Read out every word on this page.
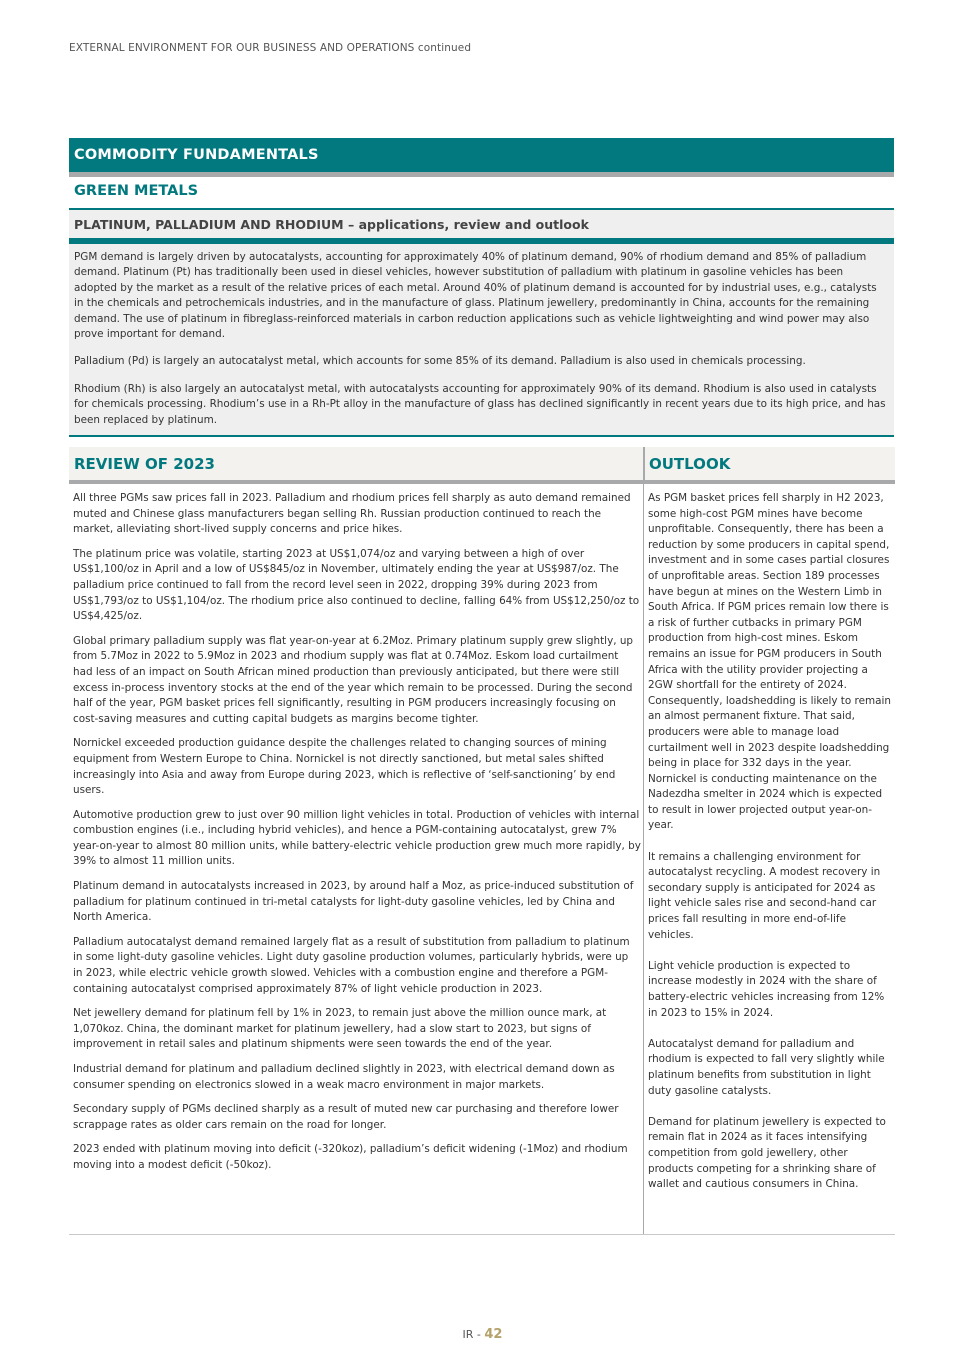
EXTERNAL ENVIRONMENT FOR OUR BUSINESS AND OPERATIONS continued
COMMODITY FUNDAMENTALS
GREEN METALS
PLATINUM, PALLADIUM AND RHODIUM – applications, review and outlook

PGM demand is largely driven by autocatalysts, accounting for approximately 40% of platinum demand, 90% of rhodium demand and 85% of palladium demand. Platinum (Pt) has traditionally been used in diesel vehicles, however substitution of palladium with platinum in gasoline vehicles has been adopted by the market as a result of the relative prices of each metal. Around 40% of platinum demand is accounted for by industrial uses, e.g., catalysts in the chemicals and petrochemicals industries, and in the manufacture of glass. Platinum jewellery, predominantly in China, accounts for the remaining demand. The use of platinum in fibreglass-reinforced materials in carbon reduction applications such as vehicle lightweighting and wind power may also prove important for demand.

Palladium (Pd) is largely an autocatalyst metal, which accounts for some 85% of its demand. Palladium is also used in chemicals processing.

Rhodium (Rh) is also largely an autocatalyst metal, with autocatalysts accounting for approximately 90% of its demand. Rhodium is also used in catalysts for chemicals processing. Rhodium’s use in a Rh-Pt alloy in the manufacture of glass has declined significantly in recent years due to its high price, and has been replaced by platinum.

REVIEW OF 2023	OUTLOOK

All three PGMs saw prices fall in 2023. Palladium and rhodium prices fell sharply as auto demand remained muted and Chinese glass manufacturers began selling Rh. Russian production continued to reach the market, alleviating short-lived supply concerns and price hikes.

The platinum price was volatile, starting 2023 at US$1,074/oz and varying between a high of over US$1,100/oz in April and a low of US$845/oz in November, ultimately ending the year at US$987/oz. The palladium price continued to fall from the record level seen in 2022, dropping 39% during 2023 from US$1,793/oz to US$1,104/oz. The rhodium price also continued to decline, falling 64% from US$12,250/oz to US$4,425/oz.

Global primary palladium supply was flat year-on-year at 6.2Moz. Primary platinum supply grew slightly, up from 5.7Moz in 2022 to 5.9Moz in 2023 and rhodium supply was flat at 0.74Moz. Eskom load curtailment had less of an impact on South African mined production than previously anticipated, but there were still excess in-process inventory stocks at the end of the year which remain to be processed. During the second half of the year, PGM basket prices fell significantly, resulting in PGM producers increasingly focusing on cost-saving measures and cutting capital budgets as margins become tighter.

Nornickel exceeded production guidance despite the challenges related to changing sources of mining equipment from Western Europe to China. Nornickel is not directly sanctioned, but metal sales shifted increasingly into Asia and away from Europe during 2023, which is reflective of ‘self-sanctioning’ by end users.

Automotive production grew to just over 90 million light vehicles in total. Production of vehicles with internal combustion engines (i.e., including hybrid vehicles), and hence a PGM-containing autocatalyst, grew 7% year-on-year to almost 80 million units, while battery-electric vehicle production grew much more rapidly, by 39% to almost 11 million units.

Platinum demand in autocatalysts increased in 2023, by around half a Moz, as price-induced substitution of palladium for platinum continued in tri-metal catalysts for light-duty gasoline vehicles, led by China and North America.

Palladium autocatalyst demand remained largely flat as a result of substitution from palladium to platinum in some light-duty gasoline vehicles. Light duty gasoline production volumes, particularly hybrids, were up in 2023, while electric vehicle growth slowed. Vehicles with a combustion engine and therefore a PGM-containing autocatalyst comprised approximately 87% of light vehicle production in 2023.

Net jewellery demand for platinum fell by 1% in 2023, to remain just above the million ounce mark, at 1,070koz. China, the dominant market for platinum jewellery, had a slow start to 2023, but signs of improvement in retail sales and platinum shipments were seen towards the end of the year.

Industrial demand for platinum and palladium declined slightly in 2023, with electrical demand down as consumer spending on electronics slowed in a weak macro environment in major markets.

Secondary supply of PGMs declined sharply as a result of muted new car purchasing and therefore lower scrappage rates as older cars remain on the road for longer.

2023 ended with platinum moving into deficit (-320koz), palladium’s deficit widening (-1Moz) and rhodium moving into a modest deficit (-50koz).

As PGM basket prices fell sharply in H2 2023, some high-cost PGM mines have become unprofitable. Consequently, there has been a reduction by some producers in capital spend, investment and in some cases partial closures of unprofitable areas. Section 189 processes have begun at mines on the Western Limb in South Africa. If PGM prices remain low there is a risk of further cutbacks in primary PGM production from high-cost mines. Eskom remains an issue for PGM producers in South Africa with the utility provider projecting a 2GW shortfall for the entirety of 2024. Consequently, loadshedding is likely to remain an almost permanent fixture. That said, producers were able to manage load curtailment well in 2023 despite loadshedding being in place for 332 days in the year. Nornickel is conducting maintenance on the Nadezdha smelter in 2024 which is expected to result in lower projected output year-on-year.

It remains a challenging environment for autocatalyst recycling. A modest recovery in secondary supply is anticipated for 2024 as light vehicle sales rise and second-hand car prices fall resulting in more end-of-life vehicles.

Light vehicle production is expected to increase modestly in 2024 with the share of battery-electric vehicles increasing from 12% in 2023 to 15% in 2024.

Autocatalyst demand for palladium and rhodium is expected to fall very slightly while platinum benefits from substitution in light duty gasoline catalysts.

Demand for platinum jewellery is expected to remain flat in 2024 as it faces intensifying competition from gold jewellery, other products competing for a shrinking share of wallet and cautious consumers in China.

IR - 42
